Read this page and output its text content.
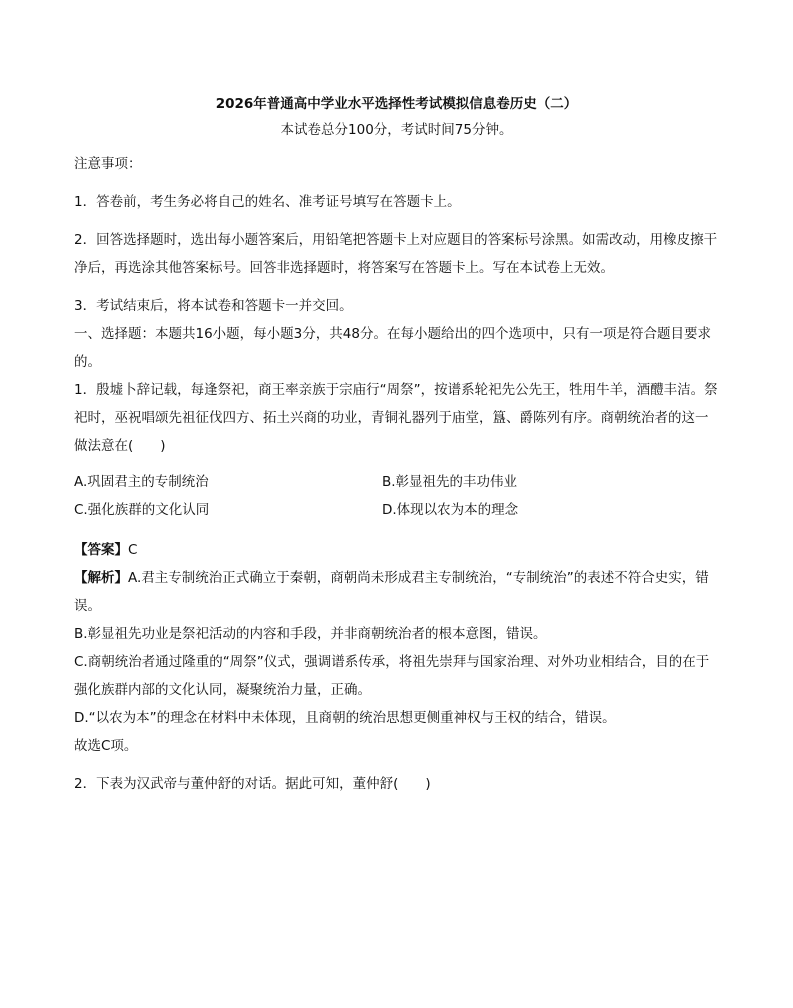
2026年普通高中学业水平选择性考试模拟信息卷历史（二）

本试卷总分100分，考试时间75分钟。

注意事项：

1．答卷前，考生务必将自己的姓名、准考证号填写在答题卡上。

2．回答选择题时，选出每小题答案后，用铅笔把答题卡上对应题目的答案标号涂黑。如需改动，用橡皮擦干净后，再选涂其他答案标号。回答非选择题时，将答案写在答题卡上。写在本试卷上无效。

3．考试结束后，将本试卷和答题卡一并交回。

一、选择题：本题共16小题，每小题3分，共48分。在每小题给出的四个选项中，只有一项是符合题目要求的。

1．殷墟卜辞记载，每逢祭祀，商王率亲族于宗庙行“周祭”，按谱系轮祀先公先王，牲用牛羊，酒醴丰洁。祭祀时，巫祝唱颂先祖征伐四方、拓土兴商的功业，青铜礼器列于庙堂，簋、爵陈列有序。商朝统治者的这一做法意在(　　)

A.巩固君主的专制统治	B.彰显祖先的丰功伟业
C.强化族群的文化认同	D.体现以农为本的理念

【答案】C

【解析】A.君主专制统治正式确立于秦朝，商朝尚未形成君主专制统治，“专制统治”的表述不符合史实，错误。

B.彰显祖先功业是祭祀活动的内容和手段，并非商朝统治者的根本意图，错误。

C.商朝统治者通过隆重的“周祭”仪式，强调谱系传承，将祖先崇拜与国家治理、对外功业相结合，目的在于强化族群内部的文化认同，凝聚统治力量，正确。

D.“以农为本”的理念在材料中未体现，且商朝的统治思想更侧重神权与王权的结合，错误。

故选C项。

2．下表为汉武帝与董仲舒的对话。据此可知，董仲舒(　　)
